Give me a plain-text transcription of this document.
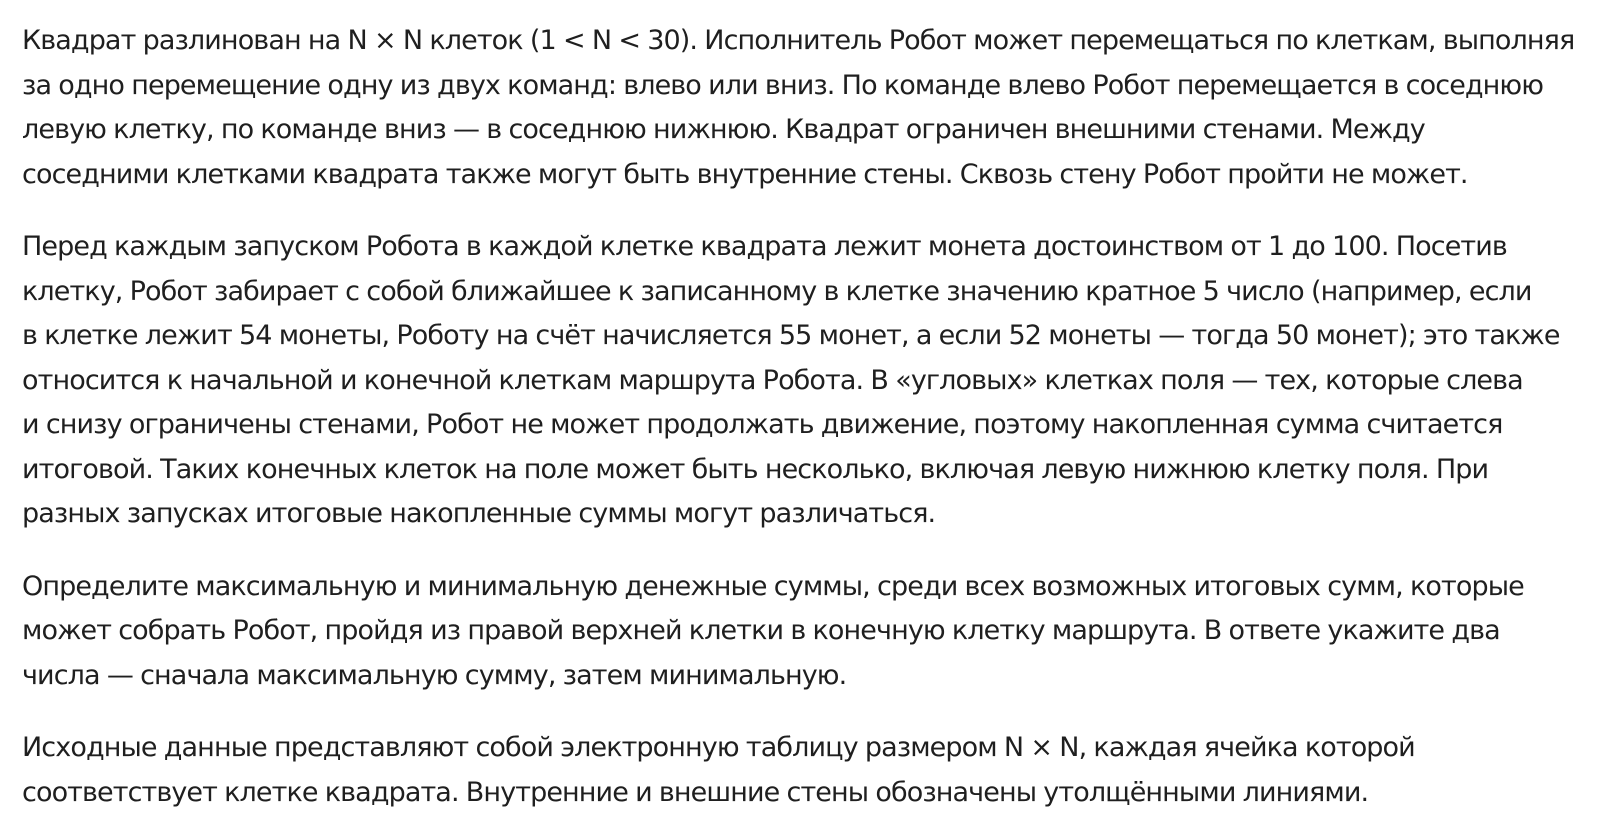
Квадрат разлинован на N × N клеток (1 < N < 30). Исполнитель Робот может перемещаться по клеткам, выполняя
за одно перемещение одну из двух команд: влево или вниз. По команде влево Робот перемещается в соседнюю
левую клетку, по команде вниз — в соседнюю нижнюю. Квадрат ограничен внешними стенами. Между
соседними клетками квадрата также могут быть внутренние стены. Сквозь стену Робот пройти не может.

Перед каждым запуском Робота в каждой клетке квадрата лежит монета достоинством от 1 до 100. Посетив
клетку, Робот забирает с собой ближайшее к записанному в клетке значению кратное 5 число (например, если
в клетке лежит 54 монеты, Роботу на счёт начисляется 55 монет, а если 52 монеты — тогда 50 монет); это также
относится к начальной и конечной клеткам маршрута Робота. В «угловых» клетках поля — тех, которые слева
и снизу ограничены стенами, Робот не может продолжать движение, поэтому накопленная сумма считается
итоговой. Таких конечных клеток на поле может быть несколько, включая левую нижнюю клетку поля. При
разных запусках итоговые накопленные суммы могут различаться.

Определите максимальную и минимальную денежные суммы, среди всех возможных итоговых сумм, которые
может собрать Робот, пройдя из правой верхней клетки в конечную клетку маршрута. В ответе укажите два
числа — сначала максимальную сумму, затем минимальную.

Исходные данные представляют собой электронную таблицу размером N × N, каждая ячейка которой
соответствует клетке квадрата. Внутренние и внешние стены обозначены утолщёнными линиями.
